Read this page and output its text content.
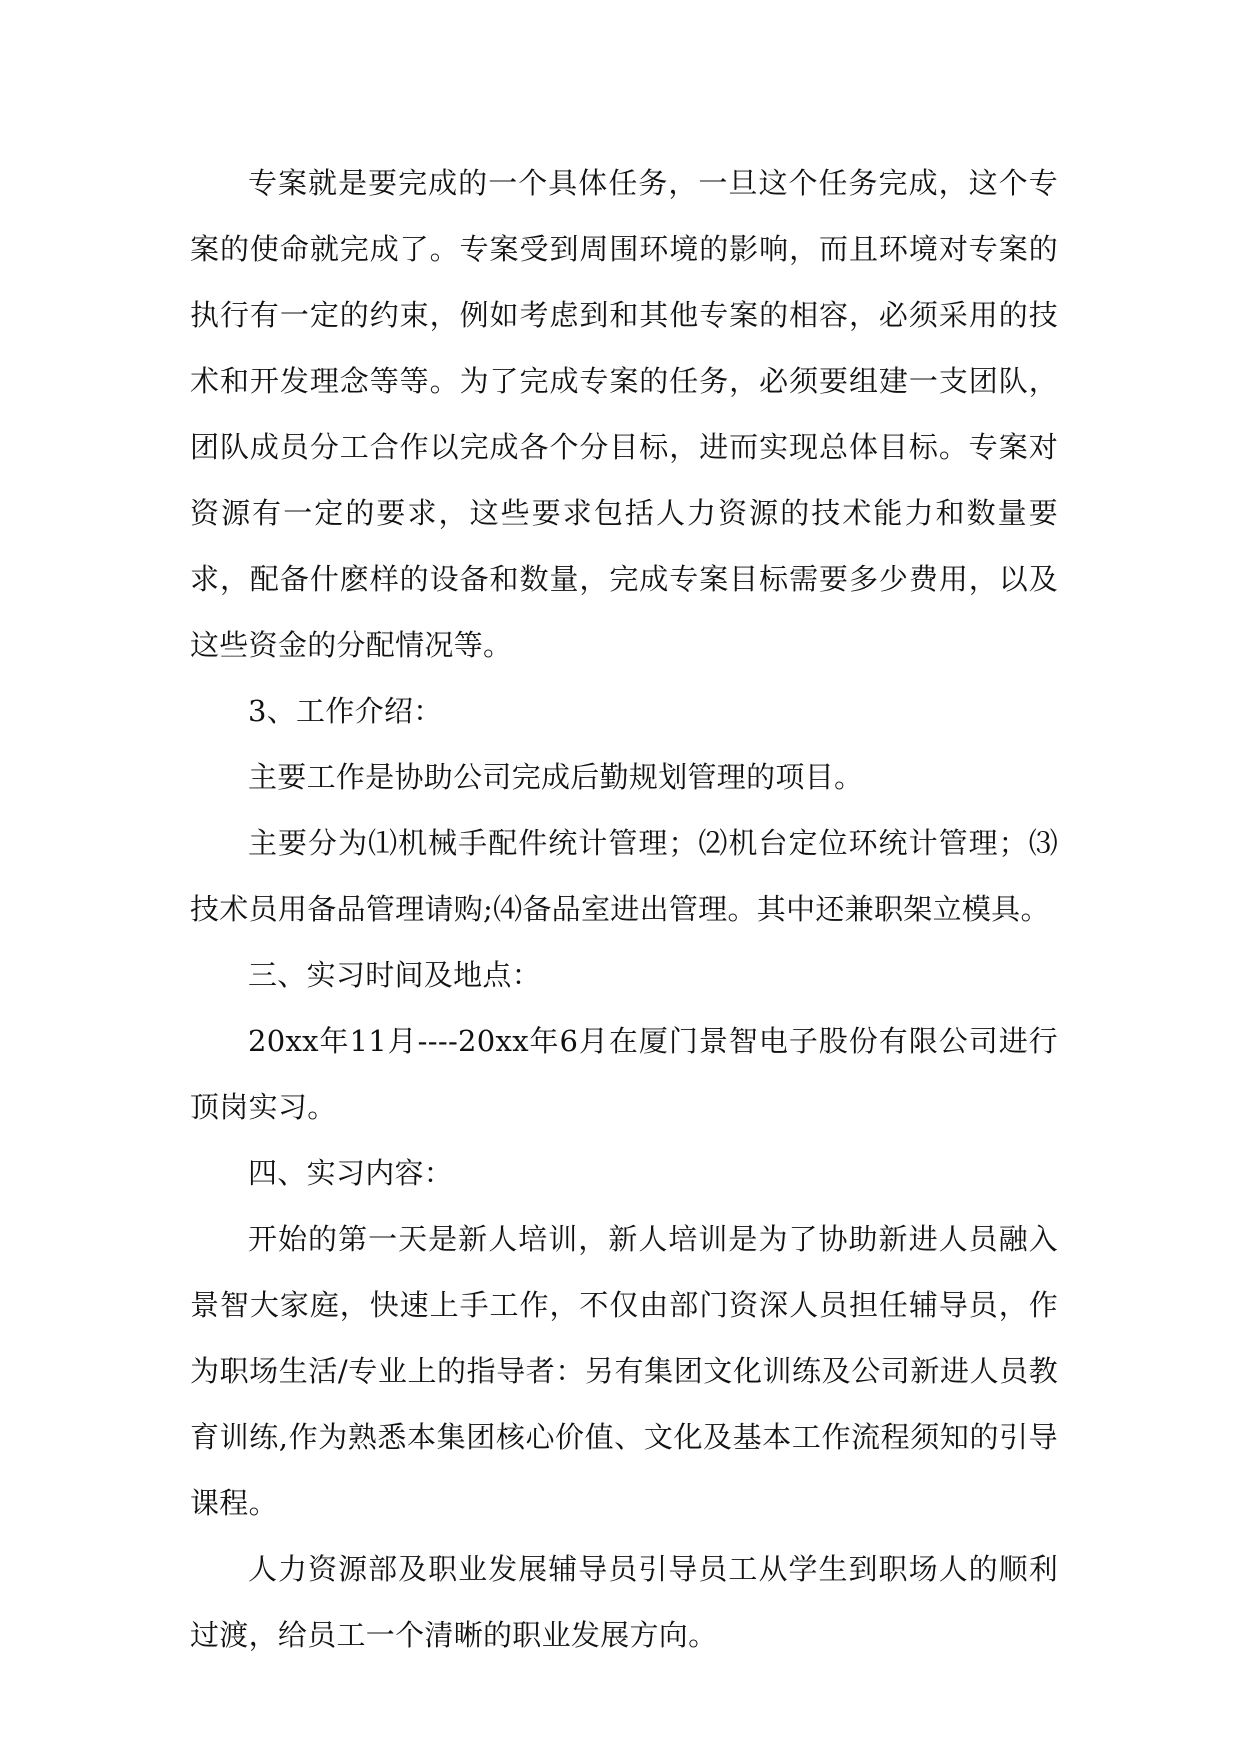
专案就是要完成的一个具体任务，一旦这个任务完成，这个专案的使命就完成了。专案受到周围环境的影响，而且环境对专案的执行有一定的约束，例如考虑到和其他专案的相容，必须采用的技术和开发理念等等。为了完成专案的任务，必须要组建一支团队，团队成员分工合作以完成各个分目标，进而实现总体目标。专案对资源有一定的要求，这些要求包括人力资源的技术能力和数量要求，配备什麽样的设备和数量，完成专案目标需要多少费用，以及这些资金的分配情况等。

3、工作介绍：

主要工作是协助公司完成后勤规划管理的项目。

主要分为⑴机械手配件统计管理；⑵机台定位环统计管理；⑶技术员用备品管理请购;⑷备品室进出管理。其中还兼职架立模具。

三、实习时间及地点：

20xx年11月----20xx年6月在厦门景智电子股份有限公司进行顶岗实习。

四、实习内容：

开始的第一天是新人培训，新人培训是为了协助新进人员融入景智大家庭，快速上手工作，不仅由部门资深人员担任辅导员，作为职场生活/专业上的指导者：另有集团文化训练及公司新进人员教育训练,作为熟悉本集团核心价值、文化及基本工作流程须知的引导课程。

人力资源部及职业发展辅导员引导员工从学生到职场人的顺利过渡，给员工一个清晰的职业发展方向。
